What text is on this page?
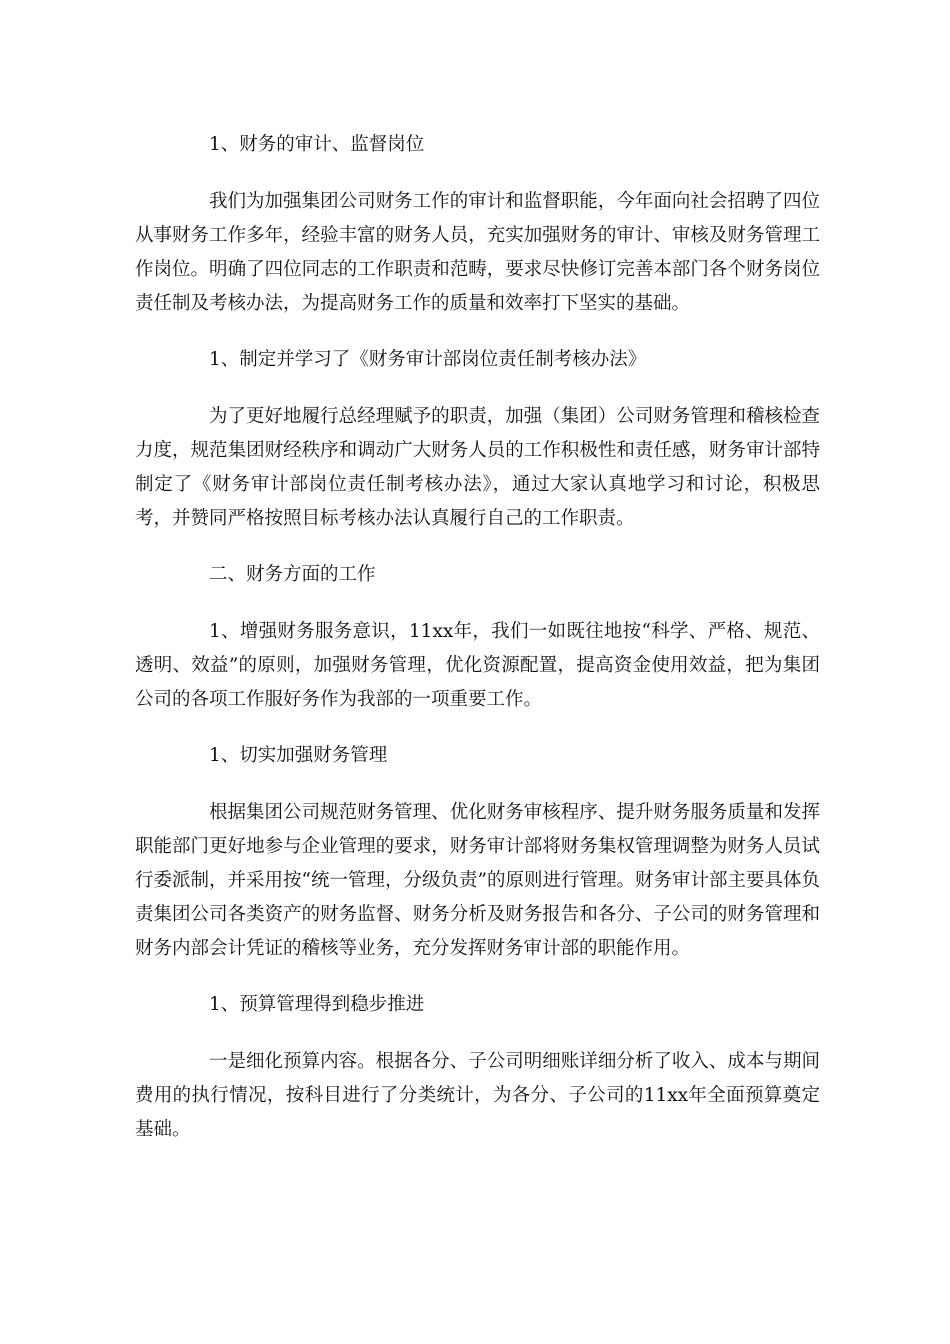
1、财务的审计、监督岗位

我们为加强集团公司财务工作的审计和监督职能，今年面向社会招聘了四位从事财务工作多年，经验丰富的财务人员，充实加强财务的审计、审核及财务管理工作岗位。明确了四位同志的工作职责和范畴，要求尽快修订完善本部门各个财务岗位责任制及考核办法，为提高财务工作的质量和效率打下坚实的基础。

1、制定并学习了《财务审计部岗位责任制考核办法》

为了更好地履行总经理赋予的职责，加强（集团）公司财务管理和稽核检查力度，规范集团财经秩序和调动广大财务人员的工作积极性和责任感，财务审计部特制定了《财务审计部岗位责任制考核办法》，通过大家认真地学习和讨论，积极思考，并赞同严格按照目标考核办法认真履行自己的工作职责。

二、财务方面的工作

1、增强财务服务意识，11xx年，我们一如既往地按“科学、严格、规范、透明、效益”的原则，加强财务管理，优化资源配置，提高资金使用效益，把为集团公司的各项工作服好务作为我部的一项重要工作。

1、切实加强财务管理

根据集团公司规范财务管理、优化财务审核程序、提升财务服务质量和发挥职能部门更好地参与企业管理的要求，财务审计部将财务集权管理调整为财务人员试行委派制，并采用按“统一管理，分级负责”的原则进行管理。财务审计部主要具体负责集团公司各类资产的财务监督、财务分析及财务报告和各分、子公司的财务管理和财务内部会计凭证的稽核等业务，充分发挥财务审计部的职能作用。

1、预算管理得到稳步推进

一是细化预算内容。根据各分、子公司明细账详细分析了收入、成本与期间费用的执行情况，按科目进行了分类统计，为各分、子公司的11xx年全面预算奠定基础。
